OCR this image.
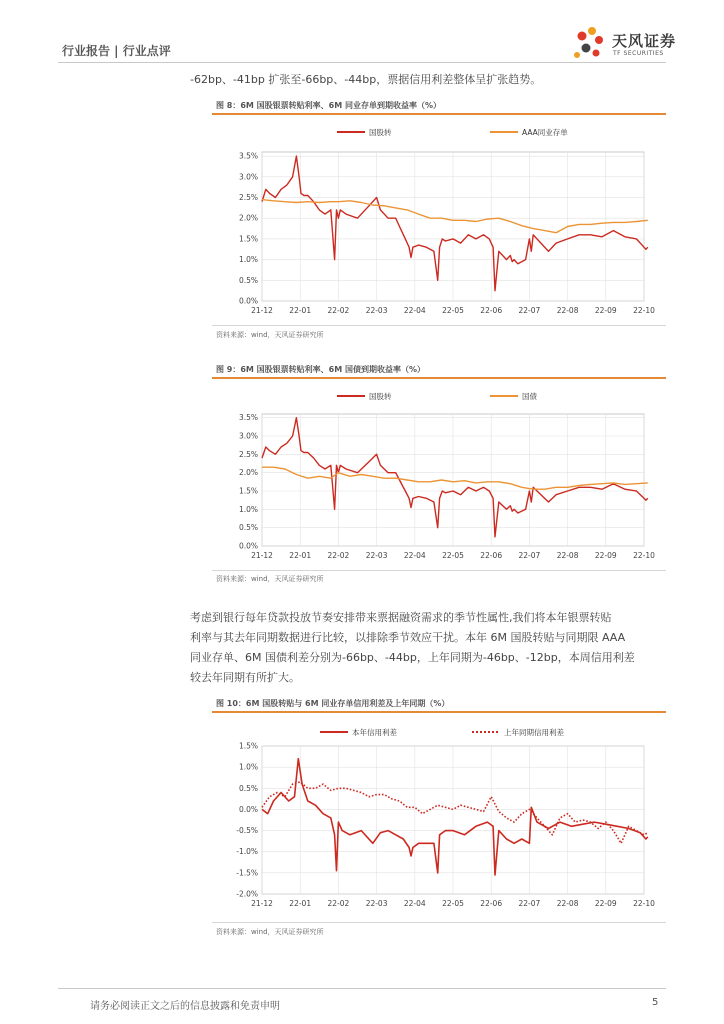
行业报告 | 行业点评
天风证券
TF SECURITIES
-62bp、-41bp 扩张至-66bp、-44bp，票据信用利差整体呈扩张趋势。
图 8：6M 国股银票转贴利率、6M 同业存单到期收益率（%）
21-12 22-01 22-02 22-03 22-04 22-05 22-06 22-07 22-08 22-09 22-10
0.0%
0.5%
1.0%
1.5%
2.0%
2.5%
3.0%
3.5%
国股转	AAA同业存单
资料来源：wind，天风证券研究所
图 9：6M 国股银票转贴利率、6M 国债到期收益率（%）
21-12 22-01 22-02 22-03 22-04 22-05 22-06 22-07 22-08 22-09 22-10
0.0%
0.5%
1.0%
1.5%
2.0%
2.5%
3.0%
3.5%
国股转	国债
资料来源：wind，天风证券研究所
考虑到银行每年贷款投放节奏安排带来票据融资需求的季节性属性,我们将本年银票转贴
利率与其去年同期数据进行比较，以排除季节效应干扰。本年 6M 国股转贴与同期限 AAA
同业存单、6M 国债利差分别为-66bp、-44bp，上年同期为-46bp、-12bp，本周信用利差
较去年同期有所扩大。
图 10：6M 国股转贴与 6M 同业存单信用利差及上年同期（%）
21-12 22-01 22-02 22-03 22-04 22-05 22-06 22-07 22-08 22-09 22-10
-2.0%
-1.5%
-1.0%
-0.5%
0.0%
0.5%
1.0%
1.5%
本年信用利差	上年同期信用利差
资料来源：wind，天风证券研究所
请务必阅读正文之后的信息披露和免责申明	5
